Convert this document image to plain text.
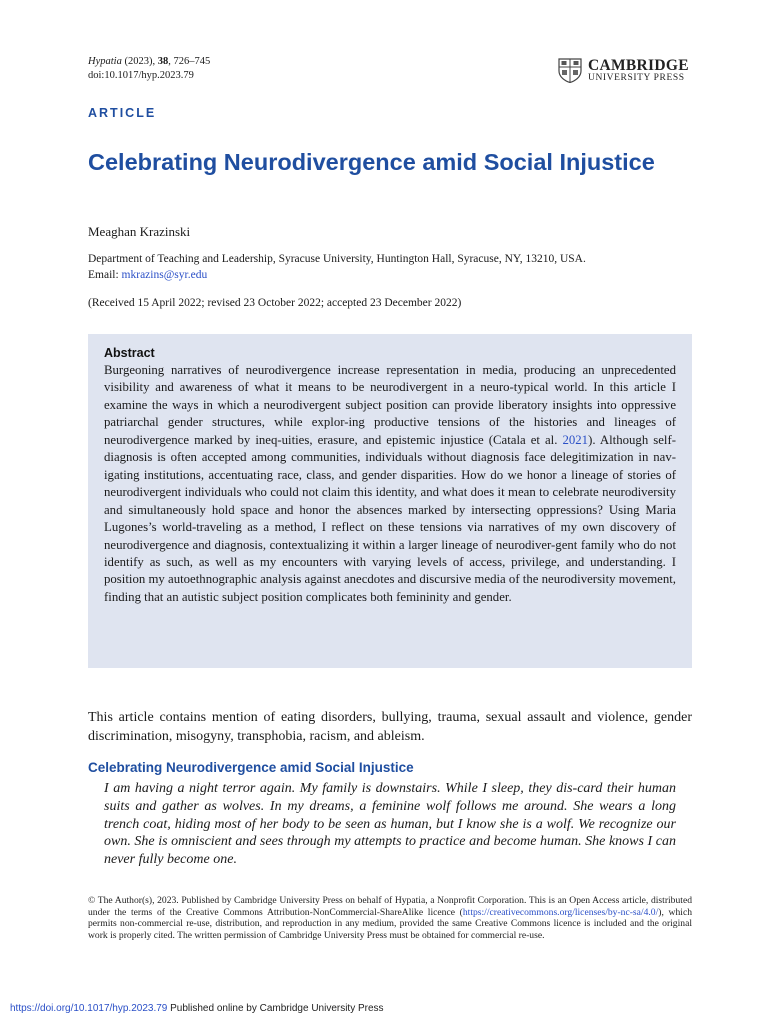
Hypatia (2023), 38, 726–745
doi:10.1017/hyp.2023.79
CAMBRIDGE
UNIVERSITY PRESS
ARTICLE
Celebrating Neurodivergence amid Social Injustice
Meaghan Krazinski
Department of Teaching and Leadership, Syracuse University, Huntington Hall, Syracuse, NY, 13210, USA.
Email: mkrazins@syr.edu
(Received 15 April 2022; revised 23 October 2022; accepted 23 December 2022)
Abstract
Burgeoning narratives of neurodivergence increase representation in media, producing an unprecedented visibility and awareness of what it means to be neurodivergent in a neuro-typical world. In this article I examine the ways in which a neurodivergent subject position can provide liberatory insights into oppressive patriarchal gender structures, while explor-ing productive tensions of the histories and lineages of neurodivergence marked by ineq-uities, erasure, and epistemic injustice (Catala et al. 2021). Although self-diagnosis is often accepted among communities, individuals without diagnosis face delegitimization in nav-igating institutions, accentuating race, class, and gender disparities. How do we honor a lineage of stories of neurodivergent individuals who could not claim this identity, and what does it mean to celebrate neurodiversity and simultaneously hold space and honor the absences marked by intersecting oppressions? Using Maria Lugones’s world-traveling as a method, I reflect on these tensions via narratives of my own discovery of neurodivergence and diagnosis, contextualizing it within a larger lineage of neurodiver-gent family who do not identify as such, as well as my encounters with varying levels of access, privilege, and understanding. I position my autoethnographic analysis against anecdotes and discursive media of the neurodiversity movement, finding that an autistic subject position complicates both femininity and gender.
This article contains mention of eating disorders, bullying, trauma, sexual assault and violence, gender discrimination, misogyny, transphobia, racism, and ableism.
Celebrating Neurodivergence amid Social Injustice
I am having a night terror again. My family is downstairs. While I sleep, they dis-card their human suits and gather as wolves. In my dreams, a feminine wolf follows me around. She wears a long trench coat, hiding most of her body to be seen as human, but I know she is a wolf. We recognize our own. She is omniscient and sees through my attempts to practice and become human. She knows I can never fully become one.
© The Author(s), 2023. Published by Cambridge University Press on behalf of Hypatia, a Nonprofit Corporation. This is an Open Access article, distributed under the terms of the Creative Commons Attribution-NonCommercial-ShareAlike licence (https://creativecommons.org/licenses/by-nc-sa/4.0/), which permits non-commercial re-use, distribution, and reproduction in any medium, provided the same Creative Commons licence is included and the original work is properly cited. The written permission of Cambridge University Press must be obtained for commercial re-use.
https://doi.org/10.1017/hyp.2023.79 Published online by Cambridge University Press
